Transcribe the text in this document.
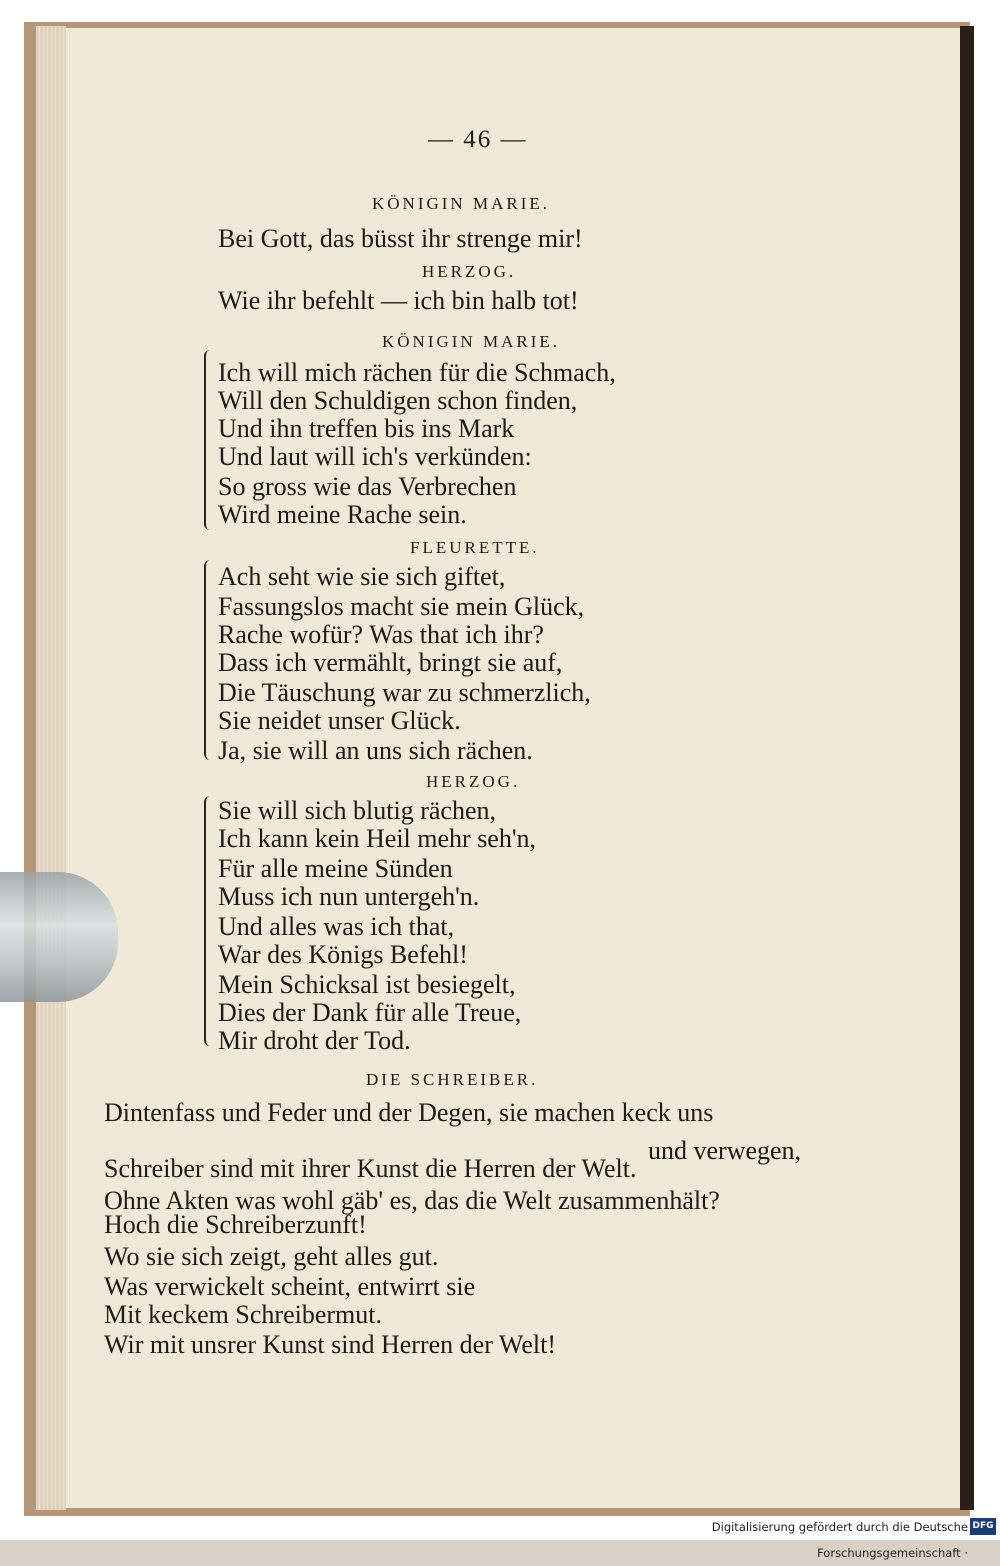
— 46 —
KÖNIGIN MARIE.
Bei Gott, das büsst ihr strenge mir!
HERZOG.
Wie ihr befehlt — ich bin halb tot!
KÖNIGIN MARIE.
Ich will mich rächen für die Schmach,
Will den Schuldigen schon finden,
Und ihn treffen bis ins Mark
Und laut will ich's verkünden:
So gross wie das Verbrechen
Wird meine Rache sein.
FLEURETTE.
Ach seht wie sie sich giftet,
Fassungslos macht sie mein Glück,
Rache wofür? Was that ich ihr?
Dass ich vermählt, bringt sie auf,
Die Täuschung war zu schmerzlich,
Sie neidet unser Glück.
Ja, sie will an uns sich rächen.
HERZOG.
Sie will sich blutig rächen,
Ich kann kein Heil mehr seh'n,
Für alle meine Sünden
Muss ich nun untergeh'n.
Und alles was ich that,
War des Königs Befehl!
Mein Schicksal ist besiegelt,
Dies der Dank für alle Treue,
Mir droht der Tod.
DIE SCHREIBER.
Dintenfass und Feder und der Degen, sie machen keck uns
und verwegen,
Schreiber sind mit ihrer Kunst die Herren der Welt.
Ohne Akten was wohl gäb' es, das die Welt zusammenhält?
Hoch die Schreiberzunft!
Wo sie sich zeigt, geht alles gut.
Was verwickelt scheint, entwirrt sie
Mit keckem Schreibermut.
Wir mit unsrer Kunst sind Herren der Welt!
Digitalisierung gefördert durch die Deutsche Forschungsgemeinschaft ·
DFG
